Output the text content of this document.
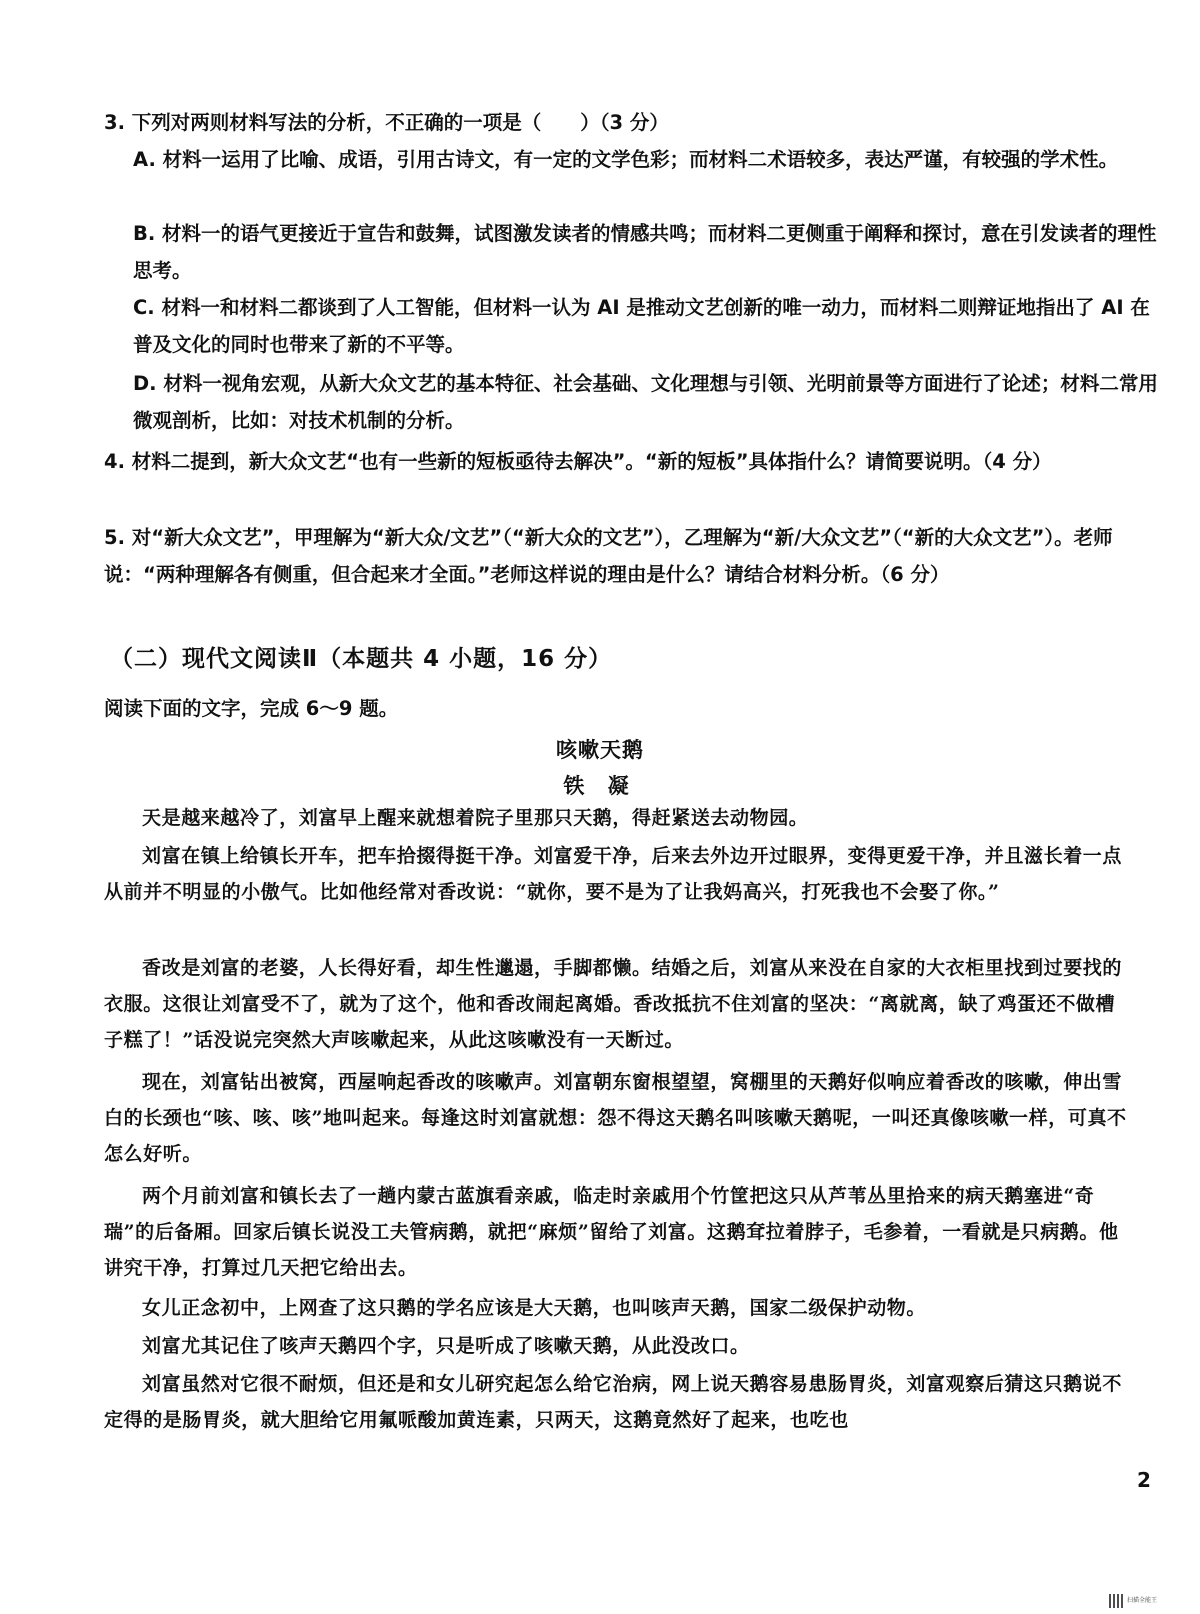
3. 下列对两则材料写法的分析，不正确的一项是（　　）（3 分）
A. 材料一运用了比喻、成语，引用古诗文，有一定的文学色彩；而材料二术语较多，表达严谨，有较强的学术性。
B. 材料一的语气更接近于宣告和鼓舞，试图激发读者的情感共鸣；而材料二更侧重于阐释和探讨，意在引发读者的理性思考。
C. 材料一和材料二都谈到了人工智能，但材料一认为 AI 是推动文艺创新的唯一动力，而材料二则辩证地指出了 AI 在普及文化的同时也带来了新的不平等。
D. 材料一视角宏观，从新大众文艺的基本特征、社会基础、文化理想与引领、光明前景等方面进行了论述；材料二常用微观剖析，比如：对技术机制的分析。
4. 材料二提到，新大众文艺“也有一些新的短板亟待去解决”。“新的短板”具体指什么？请简要说明。（4 分）
5. 对“新大众文艺”，甲理解为“新大众/文艺”（“新大众的文艺”），乙理解为“新/大众文艺”（“新的大众文艺”）。老师说：“两种理解各有侧重，但合起来才全面。”老师这样说的理由是什么？请结合材料分析。（6 分）
（二）现代文阅读Ⅱ（本题共 4 小题，16 分）
阅读下面的文字，完成 6～9 题。
咳嗽天鹅
铁 凝
天是越来越冷了，刘富早上醒来就想着院子里那只天鹅，得赶紧送去动物园。
刘富在镇上给镇长开车，把车拾掇得挺干净。刘富爱干净，后来去外边开过眼界，变得更爱干净，并且滋长着一点从前并不明显的小傲气。比如他经常对香改说：“就你，要不是为了让我妈高兴，打死我也不会娶了你。”
香改是刘富的老婆，人长得好看，却生性邋遢，手脚都懒。结婚之后，刘富从来没在自家的大衣柜里找到过要找的衣服。这很让刘富受不了，就为了这个，他和香改闹起离婚。香改抵抗不住刘富的坚决：“离就离，缺了鸡蛋还不做槽子糕了！”话没说完突然大声咳嗽起来，从此这咳嗽没有一天断过。
现在，刘富钻出被窝，西屋响起香改的咳嗽声。刘富朝东窗根望望，窝棚里的天鹅好似响应着香改的咳嗽，伸出雪白的长颈也“咳、咳、咳”地叫起来。每逢这时刘富就想：怨不得这天鹅名叫咳嗽天鹅呢，一叫还真像咳嗽一样，可真不怎么好听。
两个月前刘富和镇长去了一趟内蒙古蓝旗看亲戚，临走时亲戚用个竹筐把这只从芦苇丛里拾来的病天鹅塞进“奇瑞”的后备厢。回家后镇长说没工夫管病鹅，就把“麻烦”留给了刘富。这鹅耷拉着脖子，毛参着，一看就是只病鹅。他讲究干净，打算过几天把它给出去。
女儿正念初中，上网查了这只鹅的学名应该是大天鹅，也叫咳声天鹅，国家二级保护动物。
刘富尤其记住了咳声天鹅四个字，只是听成了咳嗽天鹅，从此没改口。
刘富虽然对它很不耐烦，但还是和女儿研究起怎么给它治病，网上说天鹅容易患肠胃炎，刘富观察后猜这只鹅说不定得的是肠胃炎，就大胆给它用氟哌酸加黄连素，只两天，这鹅竟然好了起来，也吃也
2
扫描全能王
